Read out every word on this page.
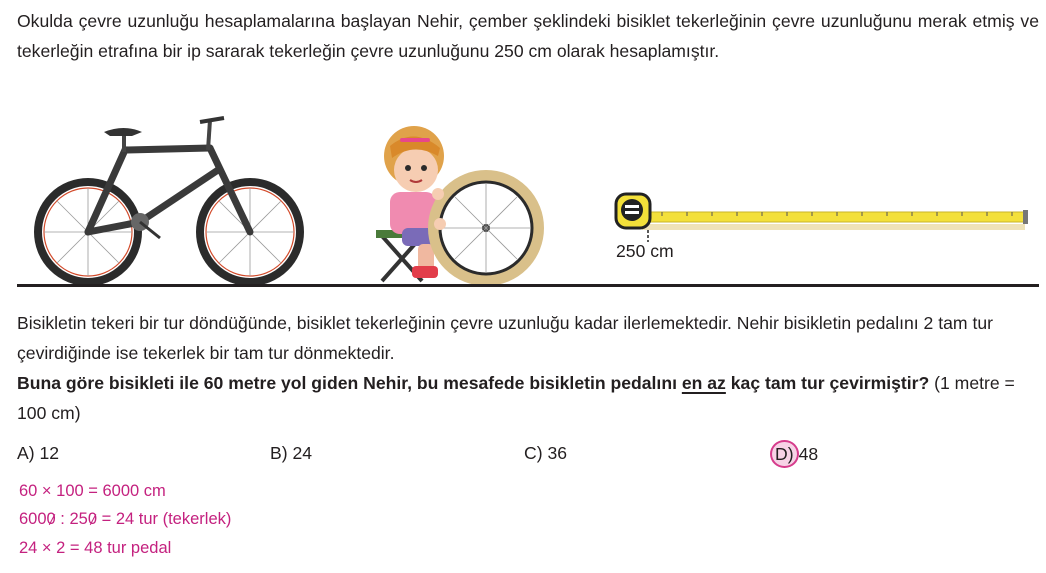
Okulda çevre uzunluğu hesaplamalarına başlayan Nehir, çember şeklindeki bisiklet tekerleğinin çevre uzunluğunu merak etmiş ve tekerleğin etrafına bir ip sararak tekerleğin çevre uzunluğunu 250 cm olarak hesaplamıştır.

250 cm

Bisikletin tekeri bir tur döndüğünde, bisiklet tekerleğinin çevre uzunluğu kadar ilerlemektedir. Nehir bisikletin pedalını 2 tam tur çevirdiğinde ise tekerlek bir tam tur dönmektedir.
Buna göre bisikleti ile 60 metre yol giden Nehir, bu mesafede bisikletin pedalını en az kaç tam tur çevirmiştir? (1 metre = 100 cm)

A) 12	B) 24	C) 36	D) 48
60 × 100 = 6000 cm
6000 : 250 = 24 tur (tekerlek)
24 × 2 = 48 tur pedal
